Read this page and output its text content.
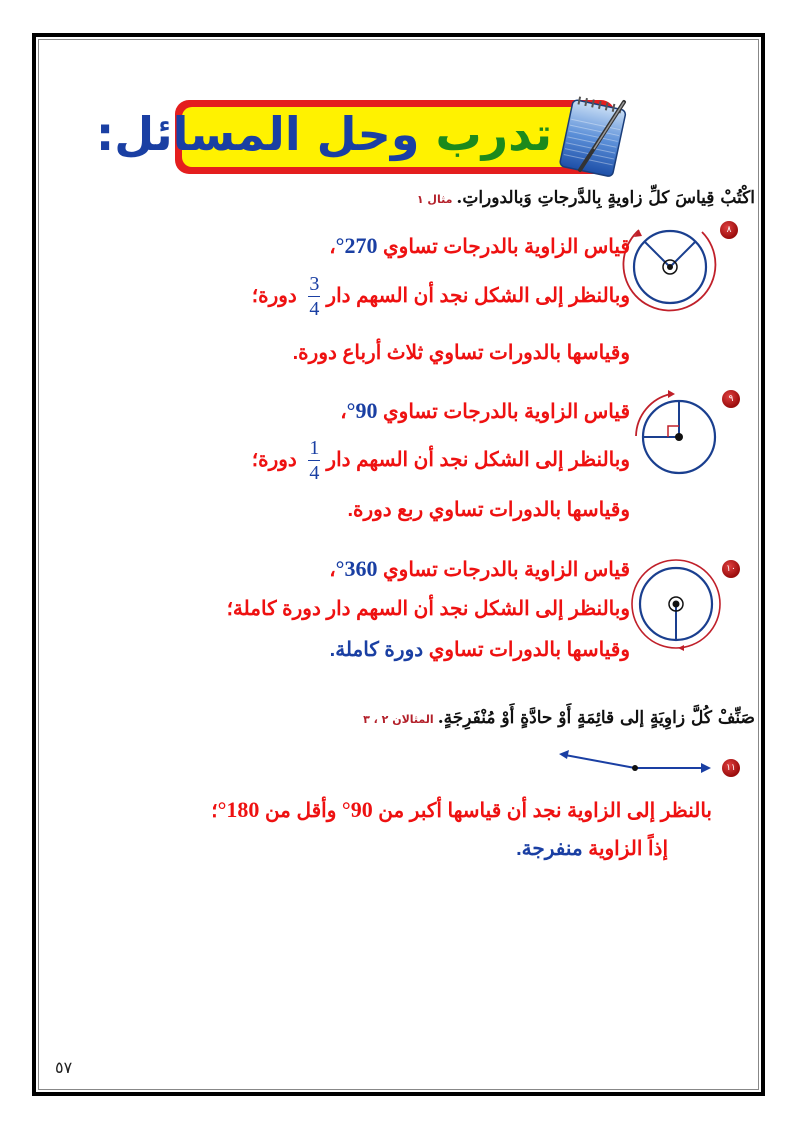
تدرب وحل المسائل:
اكْتُبْ قِياسَ كلِّ زاويةٍ بِالدَّرجاتِ وَبالدوراتِ.مثال ١
٨
قياس الزاوية بالدرجات تساوي 270°،
وبالنظر إلى الشكل نجد أن السهم دار
$\frac{3}{4}$
دورة؛
وقياسها بالدورات تساوي ثلاث أرباع دورة.
٩
قياس الزاوية بالدرجات تساوي 90°،
وبالنظر إلى الشكل نجد أن السهم دار
$\frac{1}{4}$
دورة؛
وقياسها بالدورات تساوي ربع دورة.
١٠
قياس الزاوية بالدرجات تساوي 360°،
وبالنظر إلى الشكل نجد أن السهم دار دورة كاملة؛
وقياسها بالدورات تساوي دورة كاملة.
صَنِّفْ كُلَّ زاوِيَةٍ إلى قائِمَةٍ أَوْ حادَّةٍ أَوْ مُنْفَرِجَةٍ.المثالان ٢ ، ٣
١١
بالنظر إلى الزاوية نجد أن قياسها أكبر من 90° وأقل من 180°؛
إذاً الزاوية منفرجة.
٥٧
